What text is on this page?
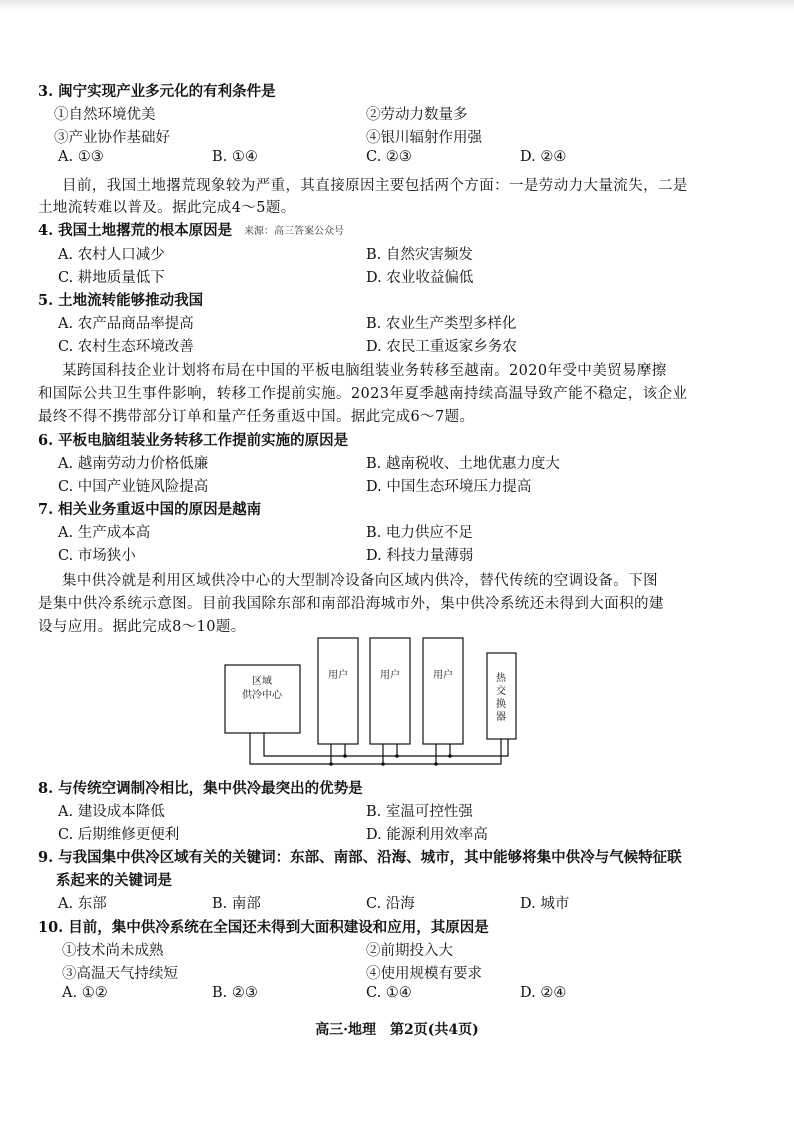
3. 闽宁实现产业多元化的有利条件是
①自然环境优美	②劳动力数量多
③产业协作基础好	④银川辐射作用强
A. ①③	B. ①④	C. ②③	D. ②④
目前，我国土地撂荒现象较为严重，其直接原因主要包括两个方面：一是劳动力大量流失，二是
土地流转难以普及。据此完成4～5题。
4. 我国土地撂荒的根本原因是 来源：高三答案公众号
A. 农村人口减少	B. 自然灾害频发
C. 耕地质量低下	D. 农业收益偏低
5. 土地流转能够推动我国
A. 农产品商品率提高	B. 农业生产类型多样化
C. 农村生态环境改善	D. 农民工重返家乡务农
某跨国科技企业计划将布局在中国的平板电脑组装业务转移至越南。2020年受中美贸易摩擦
和国际公共卫生事件影响，转移工作提前实施。2023年夏季越南持续高温导致产能不稳定，该企业
最终不得不携带部分订单和量产任务重返中国。据此完成6～7题。
6. 平板电脑组装业务转移工作提前实施的原因是
A. 越南劳动力价格低廉	B. 越南税收、土地优惠力度大
C. 中国产业链风险提高	D. 中国生态环境压力提高
7. 相关业务重返中国的原因是越南
A. 生产成本高	B. 电力供应不足
C. 市场狭小	D. 科技力量薄弱
集中供冷就是利用区域供冷中心的大型制冷设备向区域内供冷，替代传统的空调设备。下图
是集中供冷系统示意图。目前我国除东部和南部沿海城市外，集中供冷系统还未得到大面积的建
设与应用。据此完成8～10题。
区域
供冷中心
用户	用户	用户	热
交
换
器
8. 与传统空调制冷相比，集中供冷最突出的优势是
A. 建设成本降低	B. 室温可控性强
C. 后期维修更便利	D. 能源利用效率高
9. 与我国集中供冷区域有关的关键词：东部、南部、沿海、城市，其中能够将集中供冷与气候特征联
系起来的关键词是
A. 东部	B. 南部	C. 沿海	D. 城市
10. 目前，集中供冷系统在全国还未得到大面积建设和应用，其原因是
①技术尚未成熟	②前期投入大
③高温天气持续短	④使用规模有要求
A. ①②	B. ②③	C. ①④	D. ②④
高三·地理　第2页(共4页)
